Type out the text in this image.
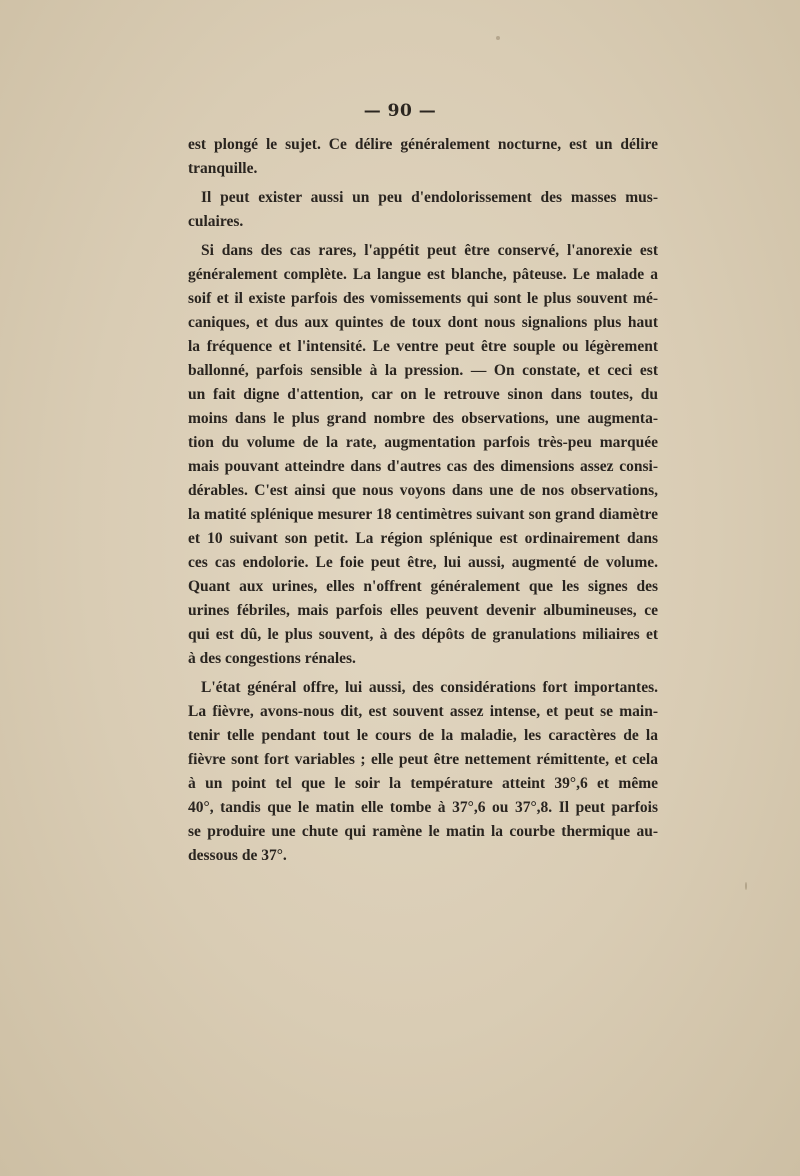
— 90 —
est plongé le sujet. Ce délire généralement nocturne, est un délire
tranquille.
Il peut exister aussi un peu d'endolorissement des masses mus-
culaires.
Si dans des cas rares, l'appétit peut être conservé, l'anorexie est
généralement complète. La langue est blanche, pâteuse. Le malade a
soif et il existe parfois des vomissements qui sont le plus souvent mé-
caniques, et dus aux quintes de toux dont nous signalions plus haut
la fréquence et l'intensité. Le ventre peut être souple ou légèrement
ballonné, parfois sensible à la pression. — On constate, et ceci est
un fait digne d'attention, car on le retrouve sinon dans toutes, du
moins dans le plus grand nombre des observations, une augmenta-
tion du volume de la rate, augmentation parfois très-peu marquée
mais pouvant atteindre dans d'autres cas des dimensions assez consi-
dérables. C'est ainsi que nous voyons dans une de nos observations,
la matité splénique mesurer 18 centimètres suivant son grand diamètre
et 10 suivant son petit. La région splénique est ordinairement dans
ces cas endolorie. Le foie peut être, lui aussi, augmenté de volume.
Quant aux urines, elles n'offrent généralement que les signes des
urines fébriles, mais parfois elles peuvent devenir albumineuses, ce
qui est dû, le plus souvent, à des dépôts de granulations miliaires et
à des congestions rénales.
L'état général offre, lui aussi, des considérations fort importantes.
La fièvre, avons-nous dit, est souvent assez intense, et peut se main-
tenir telle pendant tout le cours de la maladie, les caractères de la
fièvre sont fort variables ; elle peut être nettement rémittente, et cela
à un point tel que le soir la température atteint 39°,6 et même
40°, tandis que le matin elle tombe à 37°,6 ou 37°,8. Il peut parfois
se produire une chute qui ramène le matin la courbe thermique au-
dessous de 37°.
